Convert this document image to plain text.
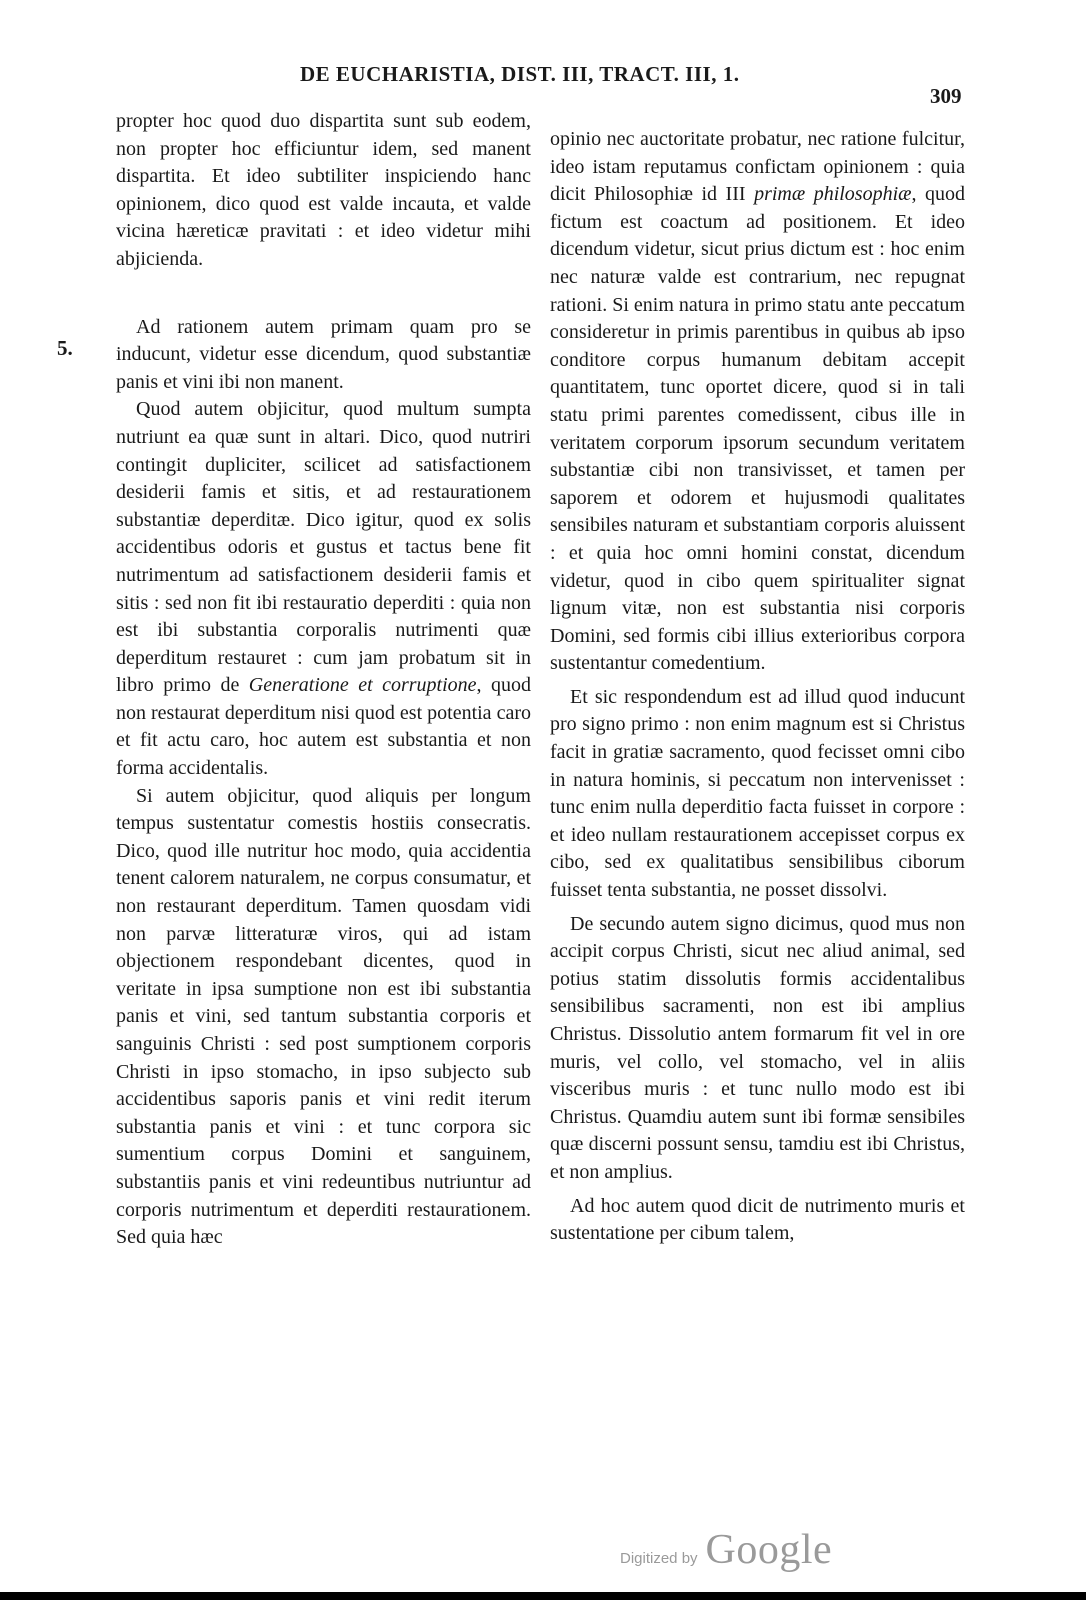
DE EUCHARISTIA, DIST. III, TRACT. III, 1.
309
5.

propter hoc quod duo dispartita sunt sub eodem, non propter hoc efficiuntur idem, sed manent dispartita. Et ideo subtiliter inspiciendo hanc opinionem, dico quod est valde incauta, et valde vicina hæreticæ pravitati : et ideo videtur mihi abjicienda.

Ad rationem autem primam quam pro se inducunt, videtur esse dicendum, quod substantiæ panis et vini ibi non manent.

Quod autem objicitur, quod multum sumpta nutriunt ea quæ sunt in altari. Dico, quod nutriri contingit dupliciter, scilicet ad satisfactionem desiderii famis et sitis, et ad restaurationem substantiæ deperditæ. Dico igitur, quod ex solis accidentibus odoris et gustus et tactus bene fit nutrimentum ad satisfactionem desiderii famis et sitis : sed non fit ibi restauratio deperditi : quia non est ibi substantia corporalis nutrimenti quæ deperditum restauret : cum jam probatum sit in libro primo de Generatione et corruptione, quod non restaurat deperditum nisi quod est potentia caro et fit actu caro, hoc autem est substantia et non forma accidentalis.

Si autem objicitur, quod aliquis per longum tempus sustentatur comestis hostiis consecratis. Dico, quod ille nutritur hoc modo, quia accidentia tenent calorem naturalem, ne corpus consumatur, et non restaurant deperditum. Tamen quosdam vidi non parvæ litteraturæ viros, qui ad istam objectionem respondebant dicentes, quod in veritate in ipsa sumptione non est ibi substantia panis et vini, sed tantum substantia corporis et sanguinis Christi : sed post sumptionem corporis Christi in ipso stomacho, in ipso subjecto sub accidentibus saporis panis et vini redit iterum substantia panis et vini : et tunc corpora sic sumentium corpus Domini et sanguinem, substantiis panis et vini redeuntibus nutriuntur ad corporis nutrimentum et deperditi restaurationem. Sed quia hæc

opinio nec auctoritate probatur, nec ratione fulcitur, ideo istam reputamus confictam opinionem : quia dicit Philosophiæ id III primæ philosophiæ, quod fictum est coactum ad positionem. Et ideo dicendum videtur, sicut prius dictum est : hoc enim nec naturæ valde est contrarium, nec repugnat rationi. Si enim natura in primo statu ante peccatum consideretur in primis parentibus in quibus ab ipso conditore corpus humanum debitam accepit quantitatem, tunc oportet dicere, quod si in tali statu primi parentes comedissent, cibus ille in veritatem corporum ipsorum secundum veritatem substantiæ cibi non transivisset, et tamen per saporem et odorem et hujusmodi qualitates sensibiles naturam et substantiam corporis aluissent : et quia hoc omni homini constat, dicendum videtur, quod in cibo quem spiritualiter signat lignum vitæ, non est substantia nisi corporis Domini, sed formis cibi illius exterioribus corpora sustentantur comedentium.

Et sic respondendum est ad illud quod inducunt pro signo primo : non enim magnum est si Christus facit in gratiæ sacramento, quod fecisset omni cibo in natura hominis, si peccatum non intervenisset : tunc enim nulla deperditio facta fuisset in corpore : et ideo nullam restaurationem accepisset corpus ex cibo, sed ex qualitatibus sensibilibus ciborum fuisset tenta substantia, ne posset dissolvi.

De secundo autem signo dicimus, quod mus non accipit corpus Christi, sicut nec aliud animal, sed potius statim dissolutis formis accidentalibus sensibilibus sacramenti, non est ibi amplius Christus. Dissolutio antem formarum fit vel in ore muris, vel collo, vel stomacho, vel in aliis visceribus muris : et tunc nullo modo est ibi Christus. Quamdiu autem sunt ibi formæ sensibiles quæ discerni possunt sensu, tamdiu est ibi Christus, et non amplius.

Ad hoc autem quod dicit de nutrimento muris et sustentatione per cibum talem,

Digitized by Google
